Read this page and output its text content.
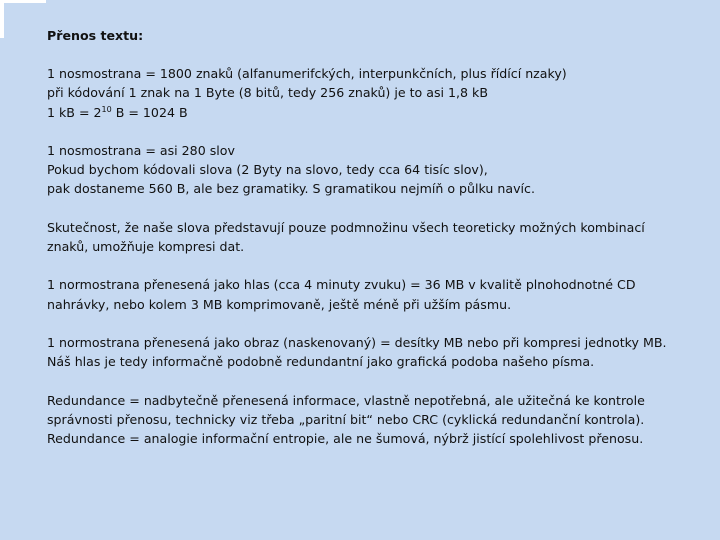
Přenos textu:
1 nosmostrana = 1800 znaků (alfanumerifckých, interpunkčních, plus řídící nzaky)
při kódování 1 znak na 1 Byte (8 bitů, tedy 256 znaků) je to asi 1,8 kB
1 kB = $2^{10}$ B = 1024 B
1 nosmostrana = asi 280 slov
Pokud bychom kódovali slova (2 Byty na slovo, tedy cca 64 tisíc slov),
pak dostaneme 560 B, ale bez gramatiky. S gramatikou nejmíň o půlku navíc.
Skutečnost, že naše slova představují pouze podmnožinu všech teoreticky možných kombinací
znaků, umožňuje kompresi dat.
1 normostrana přenesená jako hlas (cca 4 minuty zvuku) = 36 MB v kvalitě plnohodnotné CD
nahrávky, nebo kolem 3 MB komprimovaně, ještě méně při užším pásmu.
1 normostrana přenesená jako obraz (naskenovaný) = desítky MB nebo při kompresi jednotky MB.
Náš hlas je tedy informačně podobně redundantní jako grafická podoba našeho písma.
Redundance = nadbytečně přenesená informace, vlastně nepotřebná, ale užitečná ke kontrole
správnosti přenosu, technicky viz třeba „paritní bit“ nebo CRC (cyklická redundanční kontrola).
Redundance = analogie informační entropie, ale ne šumová, nýbrž jistící spolehlivost přenosu.
